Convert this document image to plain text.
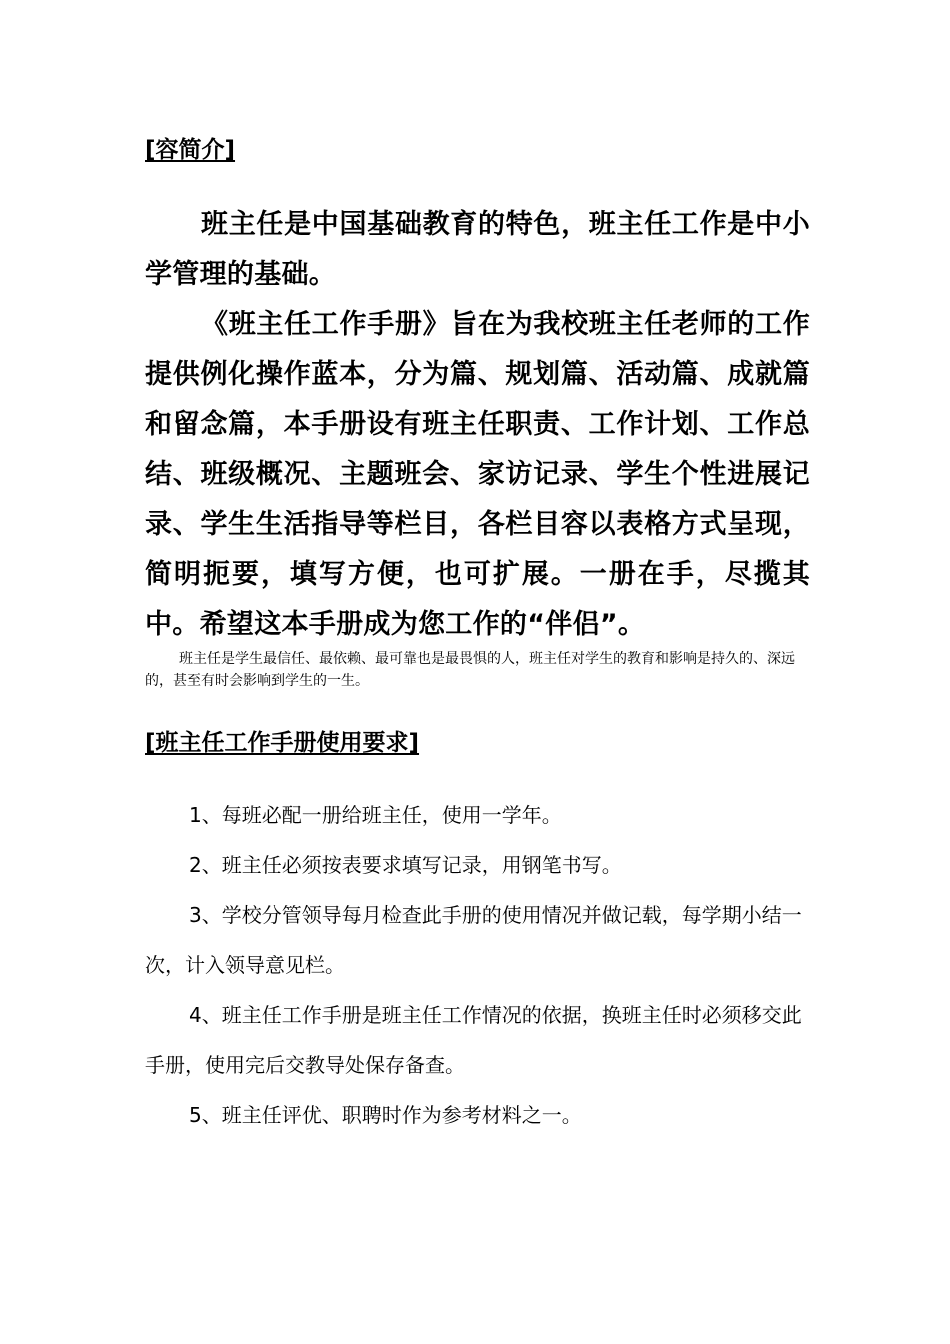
[容简介]

班主任是中国基础教育的特色，班主任工作是中小学管理的基础。

《班主任工作手册》旨在为我校班主任老师的工作提供例化操作蓝本，分为篇、规划篇、活动篇、成就篇和留念篇，本手册设有班主任职责、工作计划、工作总结、班级概况、主题班会、家访记录、学生个性进展记录、学生生活指导等栏目，各栏目容以表格方式呈现，简明扼要，填写方便，也可扩展。一册在手，尽揽其中。希望这本手册成为您工作的“伴侣”。

班主任是学生最信任、最依赖、最可靠也是最畏惧的人，班主任对学生的教育和影响是持久的、深远的，甚至有时会影响到学生的一生。
[班主任工作手册使用要求]

1、每班必配一册给班主任，使用一学年。

2、班主任必须按表要求填写记录，用钢笔书写。

3、学校分管领导每月检查此手册的使用情况并做记载，每学期小结一次，计入领导意见栏。

4、班主任工作手册是班主任工作情况的依据，换班主任时必须移交此手册，使用完后交教导处保存备查。

5、班主任评优、职聘时作为参考材料之一。
